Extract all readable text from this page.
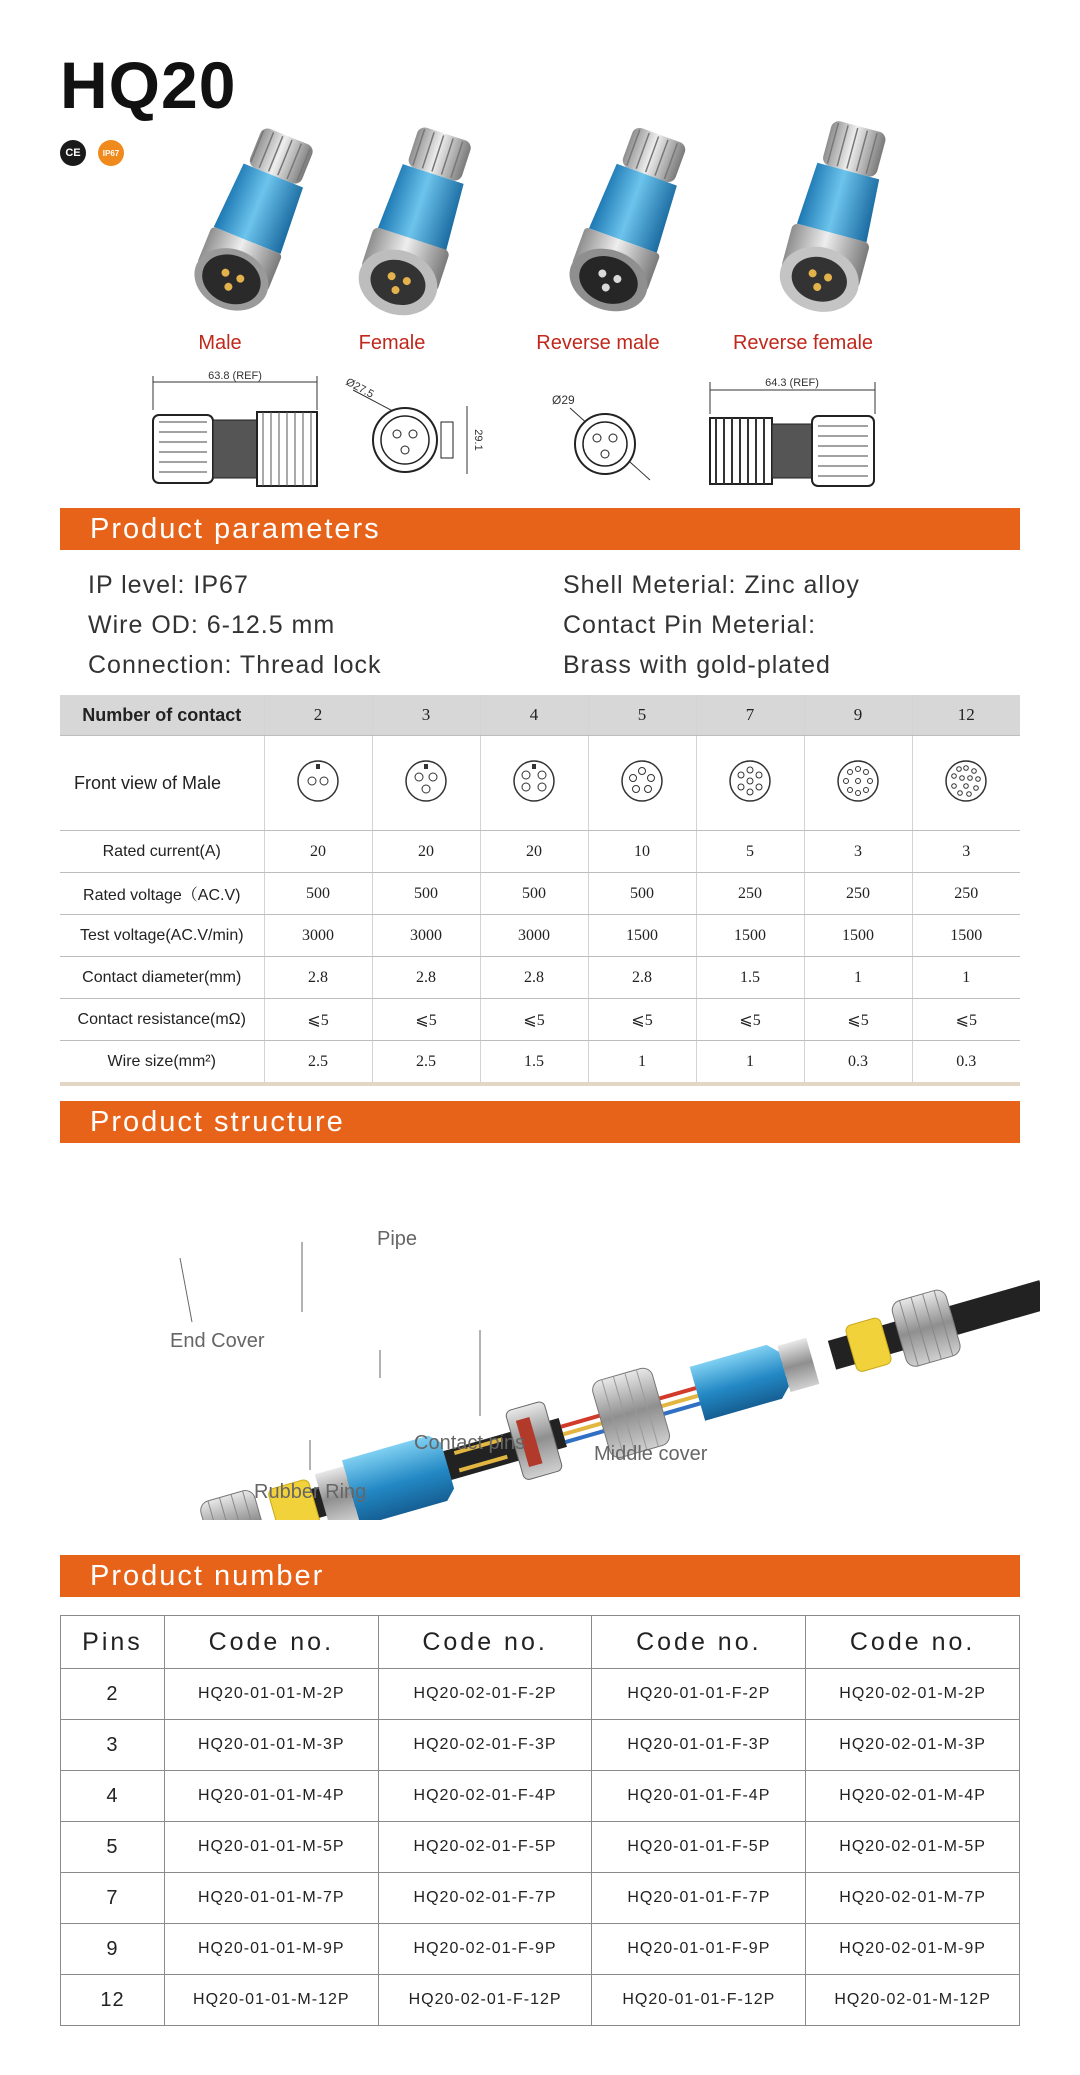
HQ20
CE	IP67
Male	Female	Reverse male	Reverse female
63.8 (REF)
Ø27.5
29.1
Ø29
64.3 (REF)
Product parameters
IP level: IP67
Wire OD: 6-12.5 mm
Connection: Thread lock
Shell Meterial: Zinc alloy
Contact Pin Meterial:
Brass with gold-plated
Number of contact	2	3	4	5	7	9	12
Front view of Male							
Rated current(A)	20	20	20	10	5	3	3
Rated voltage（AC.V)	500	500	500	500	250	250	250
Test voltage(AC.V/min)	3000	3000	3000	1500	1500	1500	1500
Contact diameter(mm)	2.8	2.8	2.8	2.8	1.5	1	1
Contact resistance(mΩ)	⩽5	⩽5	⩽5	⩽5	⩽5	⩽5	⩽5
Wire size(mm²)	2.5	2.5	1.5	1	1	0.3	0.3
Product structure
Pipe
End Cover
Contact pins	Middle cover
Rubber Ring
Product number
Pins	Code no.	Code no.	Code no.	Code no.
2	HQ20-01-01-M-2P	HQ20-02-01-F-2P	HQ20-01-01-F-2P	HQ20-02-01-M-2P
3	HQ20-01-01-M-3P	HQ20-02-01-F-3P	HQ20-01-01-F-3P	HQ20-02-01-M-3P
4	HQ20-01-01-M-4P	HQ20-02-01-F-4P	HQ20-01-01-F-4P	HQ20-02-01-M-4P
5	HQ20-01-01-M-5P	HQ20-02-01-F-5P	HQ20-01-01-F-5P	HQ20-02-01-M-5P
7	HQ20-01-01-M-7P	HQ20-02-01-F-7P	HQ20-01-01-F-7P	HQ20-02-01-M-7P
9	HQ20-01-01-M-9P	HQ20-02-01-F-9P	HQ20-01-01-F-9P	HQ20-02-01-M-9P
12	HQ20-01-01-M-12P	HQ20-02-01-F-12P	HQ20-01-01-F-12P	HQ20-02-01-M-12P
